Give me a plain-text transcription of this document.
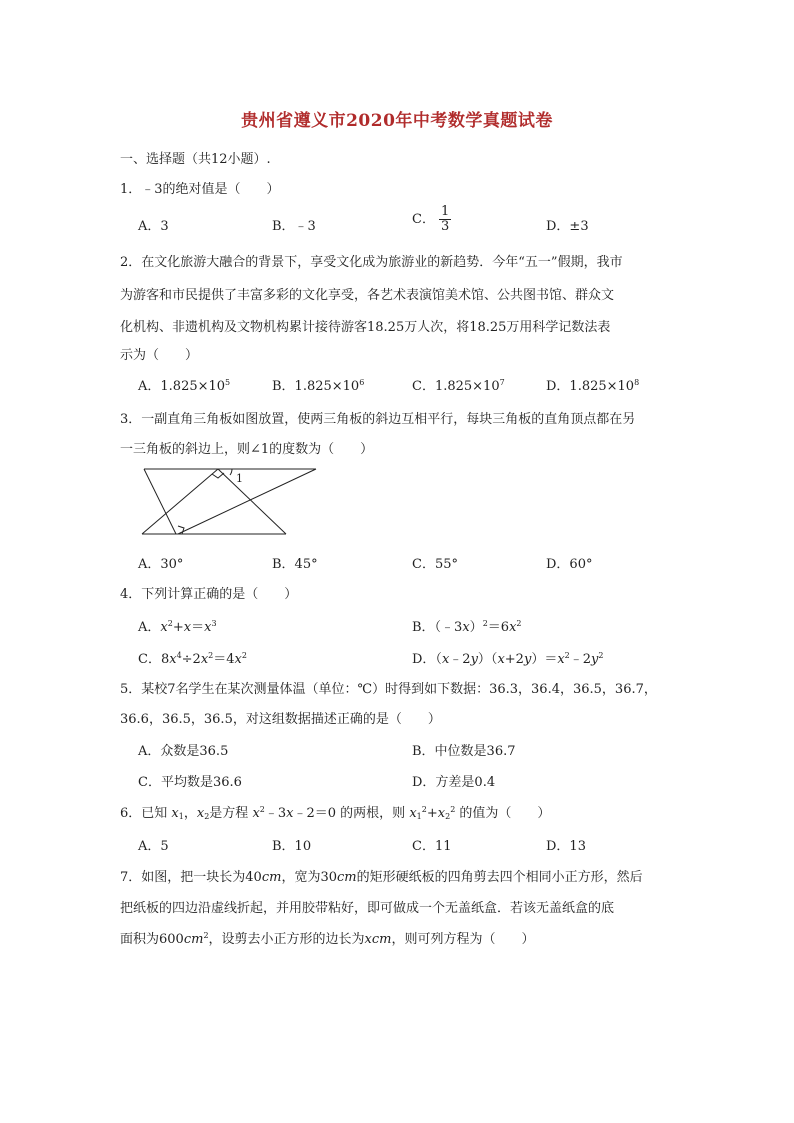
贵州省遵义市2020年中考数学真题试卷
一、选择题（共12小题）.
1．﹣3的绝对值是（　　）
A．3	B．﹣3	C． $\frac{1}{3}$	D．±3
2．在文化旅游大融合的背景下，享受文化成为旅游业的新趋势．今年“五一”假期，我市
为游客和市民提供了丰富多彩的文化享受，各艺术表演馆美术馆、公共图书馆、群众文
化机构、非遗机构及文物机构累计接待游客18.25万人次，将18.25万用科学记数法表
示为（　　）
A．$1.825\times 10^5$	B．$1.825\times 10^6$	C．$1.825\times 10^7$	D．$1.825\times 10^8$
3．一副直角三角板如图放置，使两三角板的斜边互相平行，每块三角板的直角顶点都在另
一三角板的斜边上，则∠1的度数为（　　）
1
A．30°	B．45°	C．55°	D．60°
4．下列计算正确的是（　　）
A．$x^2+x=x^3$	B．$(﹣3x)^2=6x^2$
C．$8x^4\div 2x^2=4x^2$	D．$(x﹣2y)(x+2y)=x^2﹣2y^2$
5．某校7名学生在某次测量体温（单位：℃）时得到如下数据：36.3，36.4，36.5，36.7，
36.6，36.5，36.5，对这组数据描述正确的是（　　）
A．众数是36.5	B．中位数是36.7
C．平均数是36.6	D．方差是0.4
6．已知 $x_1$，$x_2$是方程 $x^2﹣3x﹣2=0$ 的两根，则 $x_1^2+x_2^2$ 的值为（　　）
A．5	B．10	C．11	D．13
7．如图，把一块长为40cm，宽为30cm的矩形硬纸板的四角剪去四个相同小正方形，然后
把纸板的四边沿虚线折起，并用胶带粘好，即可做成一个无盖纸盒．若该无盖纸盒的底
面积为$600cm^2$，设剪去小正方形的边长为xcm，则可列方程为（　　）
